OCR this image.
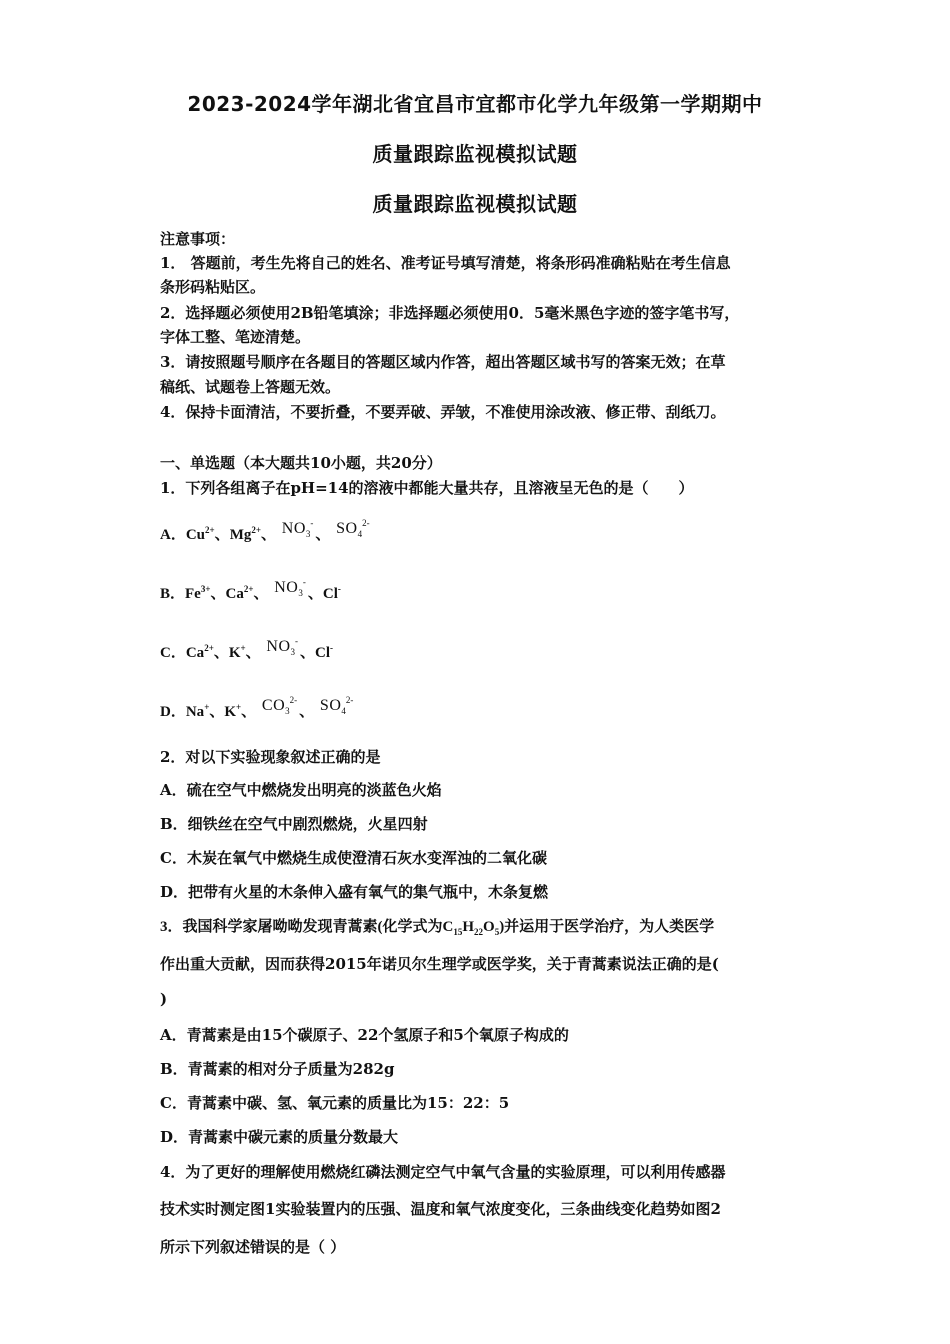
2023-2024学年湖北省宜昌市宜都市化学九年级第一学期期中
质量跟踪监视模拟试题
质量跟踪监视模拟试题
注意事项：
1． 答题前，考生先将自己的姓名、准考证号填写清楚，将条形码准确粘贴在考生信息
条形码粘贴区。
2．选择题必须使用2B铅笔填涂；非选择题必须使用0．5毫米黑色字迹的签字笔书写，
字体工整、笔迹清楚。
3．请按照题号顺序在各题目的答题区域内作答，超出答题区域书写的答案无效；在草
稿纸、试题卷上答题无效。
4．保持卡面清洁，不要折叠，不要弄破、弄皱，不准使用涂改液、修正带、刮纸刀。
一、单选题（本大题共10小题，共20分）
1．下列各组离子在pH=14的溶液中都能大量共存，且溶液呈无色的是（　　）
A．$Cu^{2+}$、$Mg^{2+}$、 $NO_3^-$、 $SO_4^{2-}$
B．$Fe^{3+}$、$Ca^{2+}$、 $NO_3^-$、Cl-
C．$Ca^{2+}$、K+、 $NO_3^-$、Cl-
D．Na+、K+、 $CO_3^{2-}$、 $SO_4^{2-}$
2．对以下实验现象叙述正确的是
A．硫在空气中燃烧发出明亮的淡蓝色火焰
B．细铁丝在空气中剧烈燃烧，火星四射
C．木炭在氧气中燃烧生成使澄清石灰水变浑浊的二氧化碳
D．把带有火星的木条伸入盛有氧气的集气瓶中，木条复燃
3．我国科学家屠呦呦发现青蒿素(化学式为$C_{15}H_{22}O_5$)并运用于医学治疗，为人类医学
作出重大贡献，因而获得2015年诺贝尔生理学或医学奖，关于青蒿素说法正确的是(
)
A．青蒿素是由15个碳原子、22个氢原子和5个氧原子构成的
B．青蒿素的相对分子质量为282g
C．青蒿素中碳、氢、氧元素的质量比为15：22：5
D．青蒿素中碳元素的质量分数最大
4．为了更好的理解使用燃烧红磷法测定空气中氧气含量的实验原理，可以利用传感器
技术实时测定图1实验装置内的压强、温度和氧气浓度变化，三条曲线变化趋势如图2
所示下列叙述错误的是（ ）
